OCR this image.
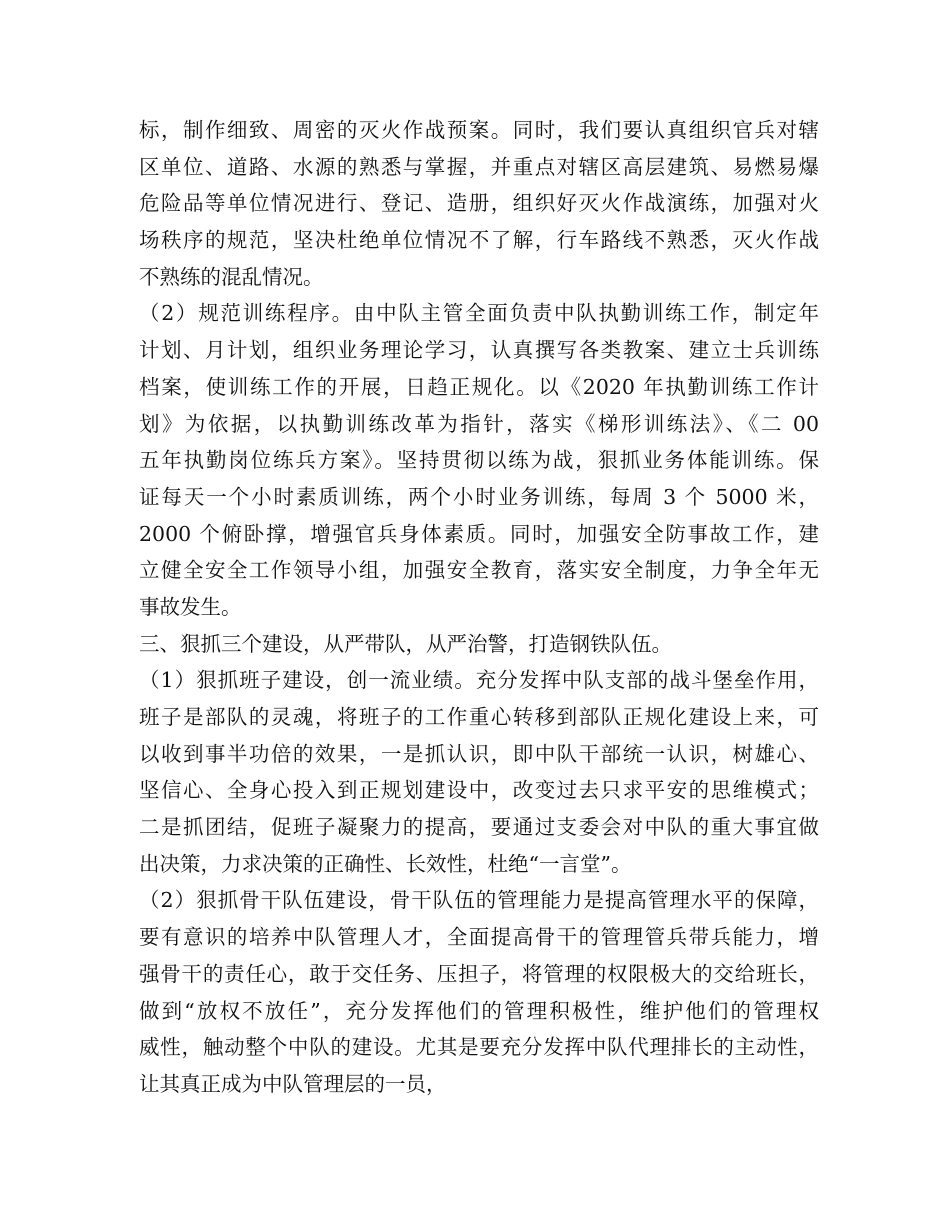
标，制作细致、周密的灭火作战预案。同时，我们要认真组织官兵对辖
区单位、道路、水源的熟悉与掌握，并重点对辖区高层建筑、易燃易爆
危险品等单位情况进行、登记、造册，组织好灭火作战演练，加强对火
场秩序的规范，坚决杜绝单位情况不了解，行车路线不熟悉，灭火作战
不熟练的混乱情况。
（2）规范训练程序。由中队主管全面负责中队执勤训练工作，制定年
计划、月计划，组织业务理论学习，认真撰写各类教案、建立士兵训练
档案，使训练工作的开展，日趋正规化。以《2020 年执勤训练工作计
划》为依据，以执勤训练改革为指针，落实《梯形训练法》、《二 00
五年执勤岗位练兵方案》。坚持贯彻以练为战，狠抓业务体能训练。保
证每天一个小时素质训练，两个小时业务训练，每周 3 个 5000 米，
2000 个俯卧撑，增强官兵身体素质。同时，加强安全防事故工作，建
立健全安全工作领导小组，加强安全教育，落实安全制度，力争全年无
事故发生。
三、狠抓三个建设，从严带队，从严治警，打造钢铁队伍。
（1）狠抓班子建设，创一流业绩。充分发挥中队支部的战斗堡垒作用，
班子是部队的灵魂，将班子的工作重心转移到部队正规化建设上来，可
以收到事半功倍的效果，一是抓认识，即中队干部统一认识，树雄心、
坚信心、全身心投入到正规划建设中，改变过去只求平安的思维模式；
二是抓团结，促班子凝聚力的提高，要通过支委会对中队的重大事宜做
出决策，力求决策的正确性、长效性，杜绝“一言堂”。
（2）狠抓骨干队伍建设，骨干队伍的管理能力是提高管理水平的保障，
要有意识的培养中队管理人才，全面提高骨干的管理管兵带兵能力，增
强骨干的责任心，敢于交任务、压担子，将管理的权限极大的交给班长，
做到“放权不放任”，充分发挥他们的管理积极性，维护他们的管理权
威性，触动整个中队的建设。尤其是要充分发挥中队代理排长的主动性，
让其真正成为中队管理层的一员，
